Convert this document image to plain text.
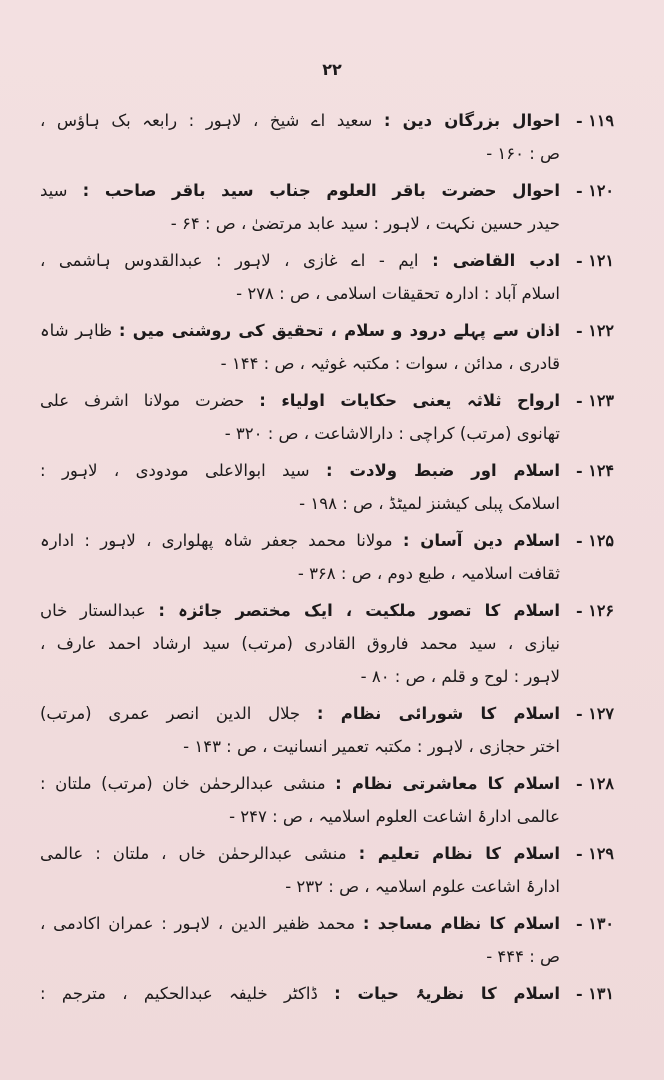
۲۲
۱۱۹ -
احوال بزرگان دین : سعید اے شیخ ، لاہور : رابعہ بک ہاؤس ،
ص : ۱۶۰ -
۱۲۰ -
احوال حضرت باقر العلوم جناب سید باقر صاحب : سید
حیدر حسین نکہت ، لاہور : سید عابد مرتضیٰ ، ص : ۶۴ -
۱۲۱ -
ادب القاضی : ایم - اے غازی ، لاہور : عبدالقدوس ہاشمی ،
اسلام آباد : ادارہ تحقیقات اسلامی ، ص : ۲۷۸ -
۱۲۲ -
اذان سے پہلے درود و سلام ، تحقیق کی روشنی میں : ظاہر شاہ
قادری ، مدائن ، سوات : مکتبہ غوثیہ ، ص : ۱۴۴ -
۱۲۳ -
ارواح ثلاثہ یعنی حکایات اولیاء : حضرت مولانا اشرف علی
تھانوی (مرتب) کراچی : دارالاشاعت ، ص : ۳۲۰ -
۱۲۴ -
اسلام اور ضبط ولادت : سید ابوالاعلی مودودی ، لاہور :
اسلامک پبلی کیشنز لمیٹڈ ، ص : ۱۹۸ -
۱۲۵ -
اسلام دین آسان : مولانا محمد جعفر شاہ پھلواری ، لاہور : ادارہ
ثقافت اسلامیہ ، طبع دوم ، ص : ۳۶۸ -
۱۲۶ -
اسلام کا تصور ملکیت ، ایک مختصر جائزہ : عبدالستار خاں
نیازی ، سید محمد فاروق القادری (مرتب) سید ارشاد احمد عارف ،
لاہور : لوح و قلم ، ص : ۸۰ -
۱۲۷ -
اسلام کا شورائی نظام : جلال الدین انصر عمری (مرتب)
اختر حجازی ، لاہور : مکتبہ تعمیر انسانیت ، ص : ۱۴۳ -
۱۲۸ -
اسلام کا معاشرتی نظام : منشی عبدالرحمٰن خان (مرتب) ملتان :
عالمی ادارۂ اشاعت العلوم اسلامیہ ، ص : ۲۴۷ -
۱۲۹ -
اسلام کا نظام تعلیم : منشی عبدالرحمٰن خاں ، ملتان : عالمی
ادارۂ اشاعت علوم اسلامیہ ، ص : ۲۳۲ -
۱۳۰ -
اسلام کا نظام مساجد : محمد ظفیر الدین ، لاہور : عمران اکادمی ،
ص : ۴۴۴ -
۱۳۱ -
اسلام کا نظریۂ حیات : ڈاکٹر خلیفہ عبدالحکیم ، مترجم :
